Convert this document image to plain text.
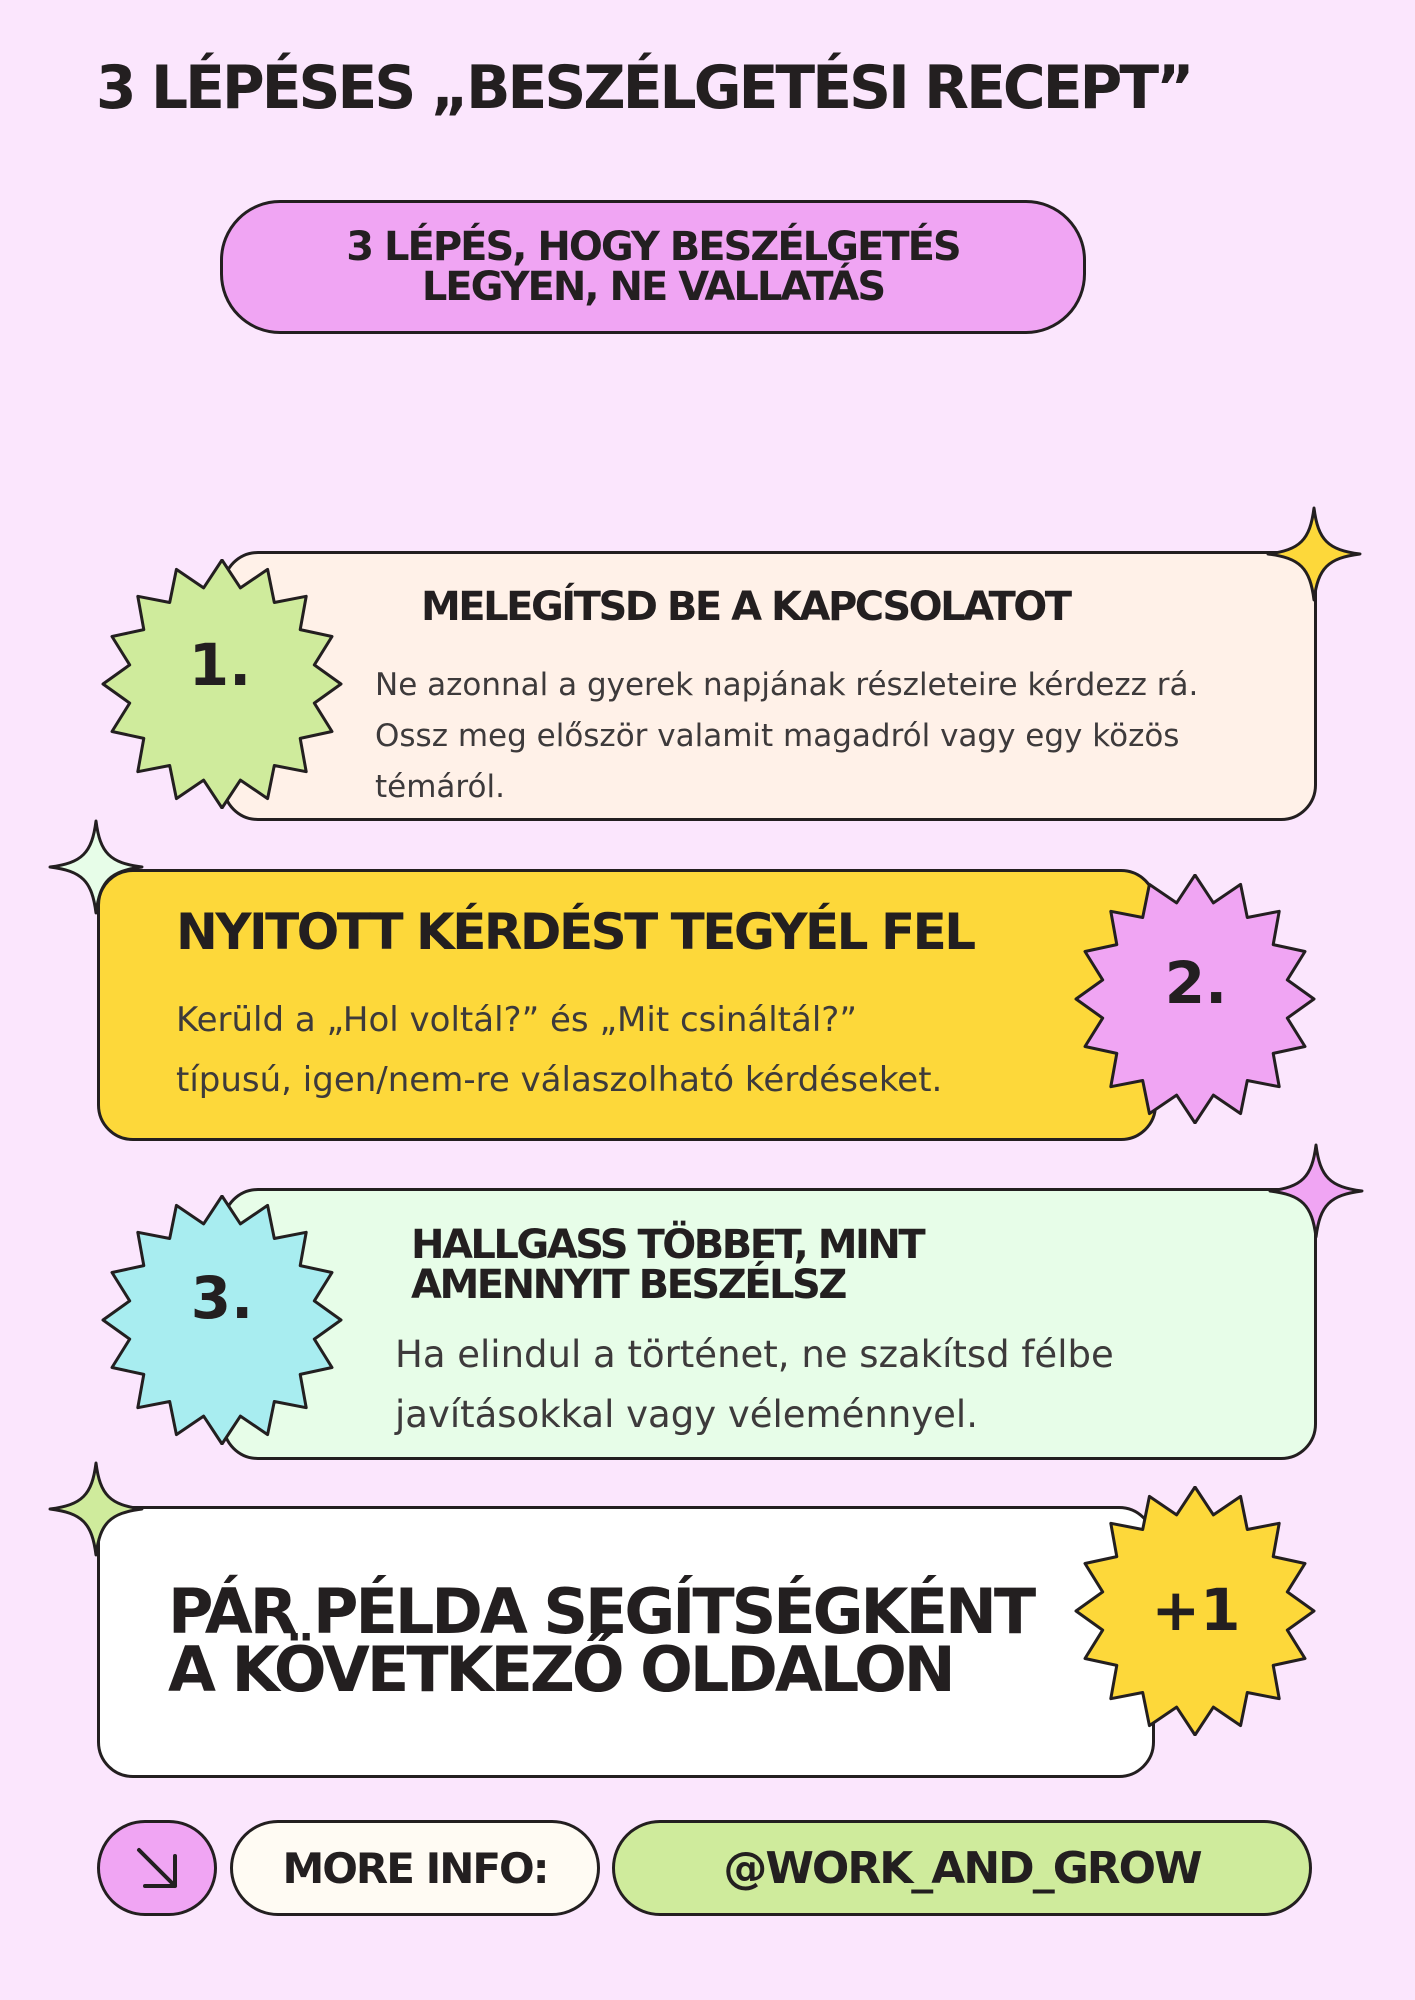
3 LÉPÉSES „BESZÉLGETÉSI RECEPT”
3 LÉPÉS, HOGY BESZÉLGETÉS
LEGYEN, NE VALLATÁS
MELEGÍTSD BE A KAPCSOLATOT
Ne azonnal a gyerek napjának részleteire kérdezz rá.
Ossz meg először valamit magadról vagy egy közös
témáról.
1.
NYITOTT KÉRDÉST TEGYÉL FEL
Kerüld a „Hol voltál?” és „Mit csináltál?”
típusú, igen/nem-re válaszolható kérdéseket.
2.
HALLGASS TÖBBET, MINT
AMENNYIT BESZÉLSZ
Ha elindul a történet, ne szakítsd félbe
javításokkal vagy véleménnyel.
3.
PÁR PÉLDA SEGÍTSÉGKÉNT
A KÖVETKEZŐ OLDALON
+1
MORE INFO:	@WORK_AND_GROW
